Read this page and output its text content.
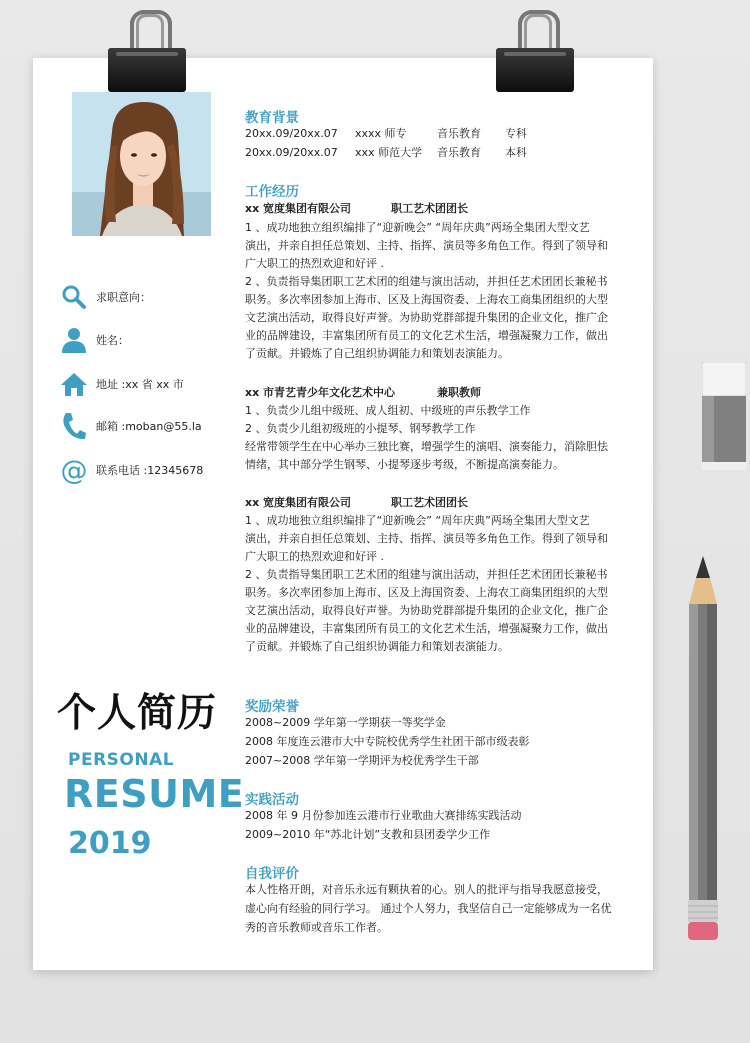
求职意向：
姓名：
地址 :xx 省 xx 市
邮箱 :moban@55.la
@ 联系电话 :12345678
个人简历
PERSONAL
RESUME
2019
教育背景
20xx.09/20xx.07 xxxx 师专	音乐教育 专科
20xx.09/20xx.07 xxx 师范大学 音乐教育 本科
工作经历
xx 宽度集团有限公司	职工艺术团团长
1 、成功地独立组织编排了“迎新晚会” “周年庆典”两场全集团大型文艺
演出，并亲自担任总策划、主持、指挥、演员等多角色工作。得到了领导和
广大职工的热烈欢迎和好评 .
2 、负责指导集团职工艺术团的组建与演出活动，并担任艺术团团长兼秘书
职务。多次率团参加上海市、区及上海国资委、上海农工商集团组织的大型
文艺演出活动，取得良好声誉。为协助党群部提升集团的企业文化，推广企
业的品牌建设，丰富集团所有员工的文化艺术生活，增强凝聚力工作，做出
了贡献。并锻炼了自己组织协调能力和策划表演能力。
xx 市青艺青少年文化艺术中心	兼职教师
1 、负责少儿组中级班、成人组初、中级班的声乐教学工作
2 、负责少儿组初级班的小提琴、钢琴教学工作
经常带领学生在中心举办三独比赛，增强学生的演唱、演奏能力，消除胆怯
情绪，其中部分学生钢琴、小提琴逐步考级，不断提高演奏能力。
xx 宽度集团有限公司	职工艺术团团长
1 、成功地独立组织编排了“迎新晚会” “周年庆典”两场全集团大型文艺
演出，并亲自担任总策划、主持、指挥、演员等多角色工作。得到了领导和
广大职工的热烈欢迎和好评 .
2 、负责指导集团职工艺术团的组建与演出活动，并担任艺术团团长兼秘书
职务。多次率团参加上海市、区及上海国资委、上海农工商集团组织的大型
文艺演出活动，取得良好声誉。为协助党群部提升集团的企业文化，推广企
业的品牌建设，丰富集团所有员工的文化艺术生活，增强凝聚力工作，做出
了贡献。并锻炼了自己组织协调能力和策划表演能力。
奖励荣誉
2008~2009 学年第一学期获一等奖学金
2008 年度连云港市大中专院校优秀学生社团干部市级表彰
2007~2008 学年第一学期评为校优秀学生干部
实践活动
2008 年 9 月份参加连云港市行业歌曲大赛排练实践活动
2009~2010 年“苏北计划”支教和县团委学少工作
自我评价
本人性格开朗，对音乐永远有颗执着的心。别人的批评与指导我愿意接受，
虚心向有经验的同行学习。 通过个人努力，我坚信自己一定能够成为一名优
秀的音乐教师或音乐工作者。
